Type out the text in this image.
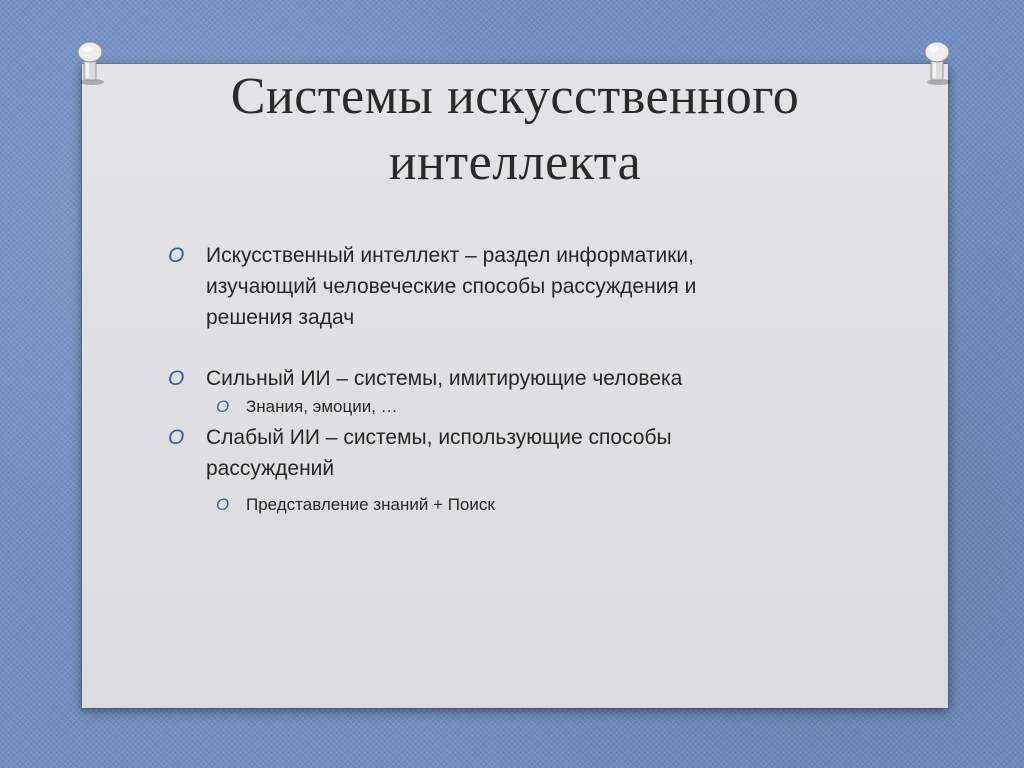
Системы искусственного
интеллекта
O Искусственный интеллект – раздел информатики,
изучающий человеческие способы рассуждения и
решения задач
O Сильный ИИ – системы, имитирующие человека
O Знания, эмоции, …
O Слабый ИИ – системы, использующие способы
рассуждений
O Представление знаний + Поиск
